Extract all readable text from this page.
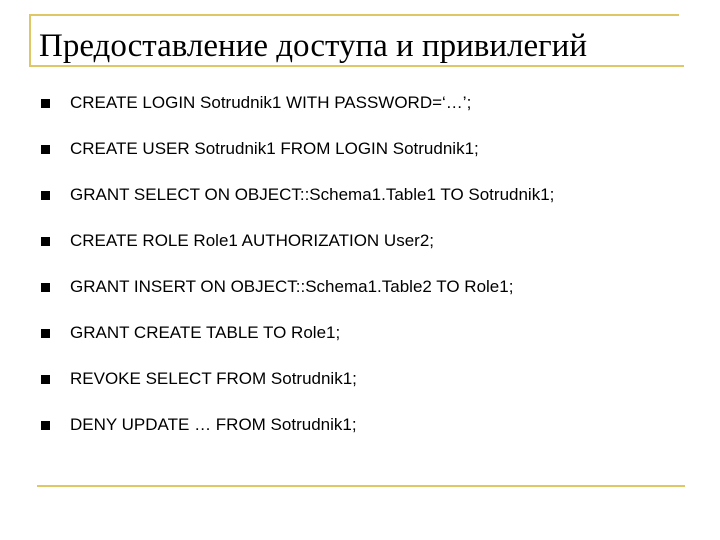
Предоставление доступа и привилегий
CREATE LOGIN Sotrudnik1 WITH PASSWORD=‘…’;
CREATE USER Sotrudnik1 FROM LOGIN Sotrudnik1;
GRANT SELECT ON OBJECT::Schema1.Table1 TO Sotrudnik1;
CREATE ROLE Role1 AUTHORIZATION User2;
GRANT INSERT ON OBJECT::Schema1.Table2 TO Role1;
GRANT CREATE TABLE TO Role1;
REVOKE SELECT FROM Sotrudnik1;
DENY UPDATE … FROM Sotrudnik1;
